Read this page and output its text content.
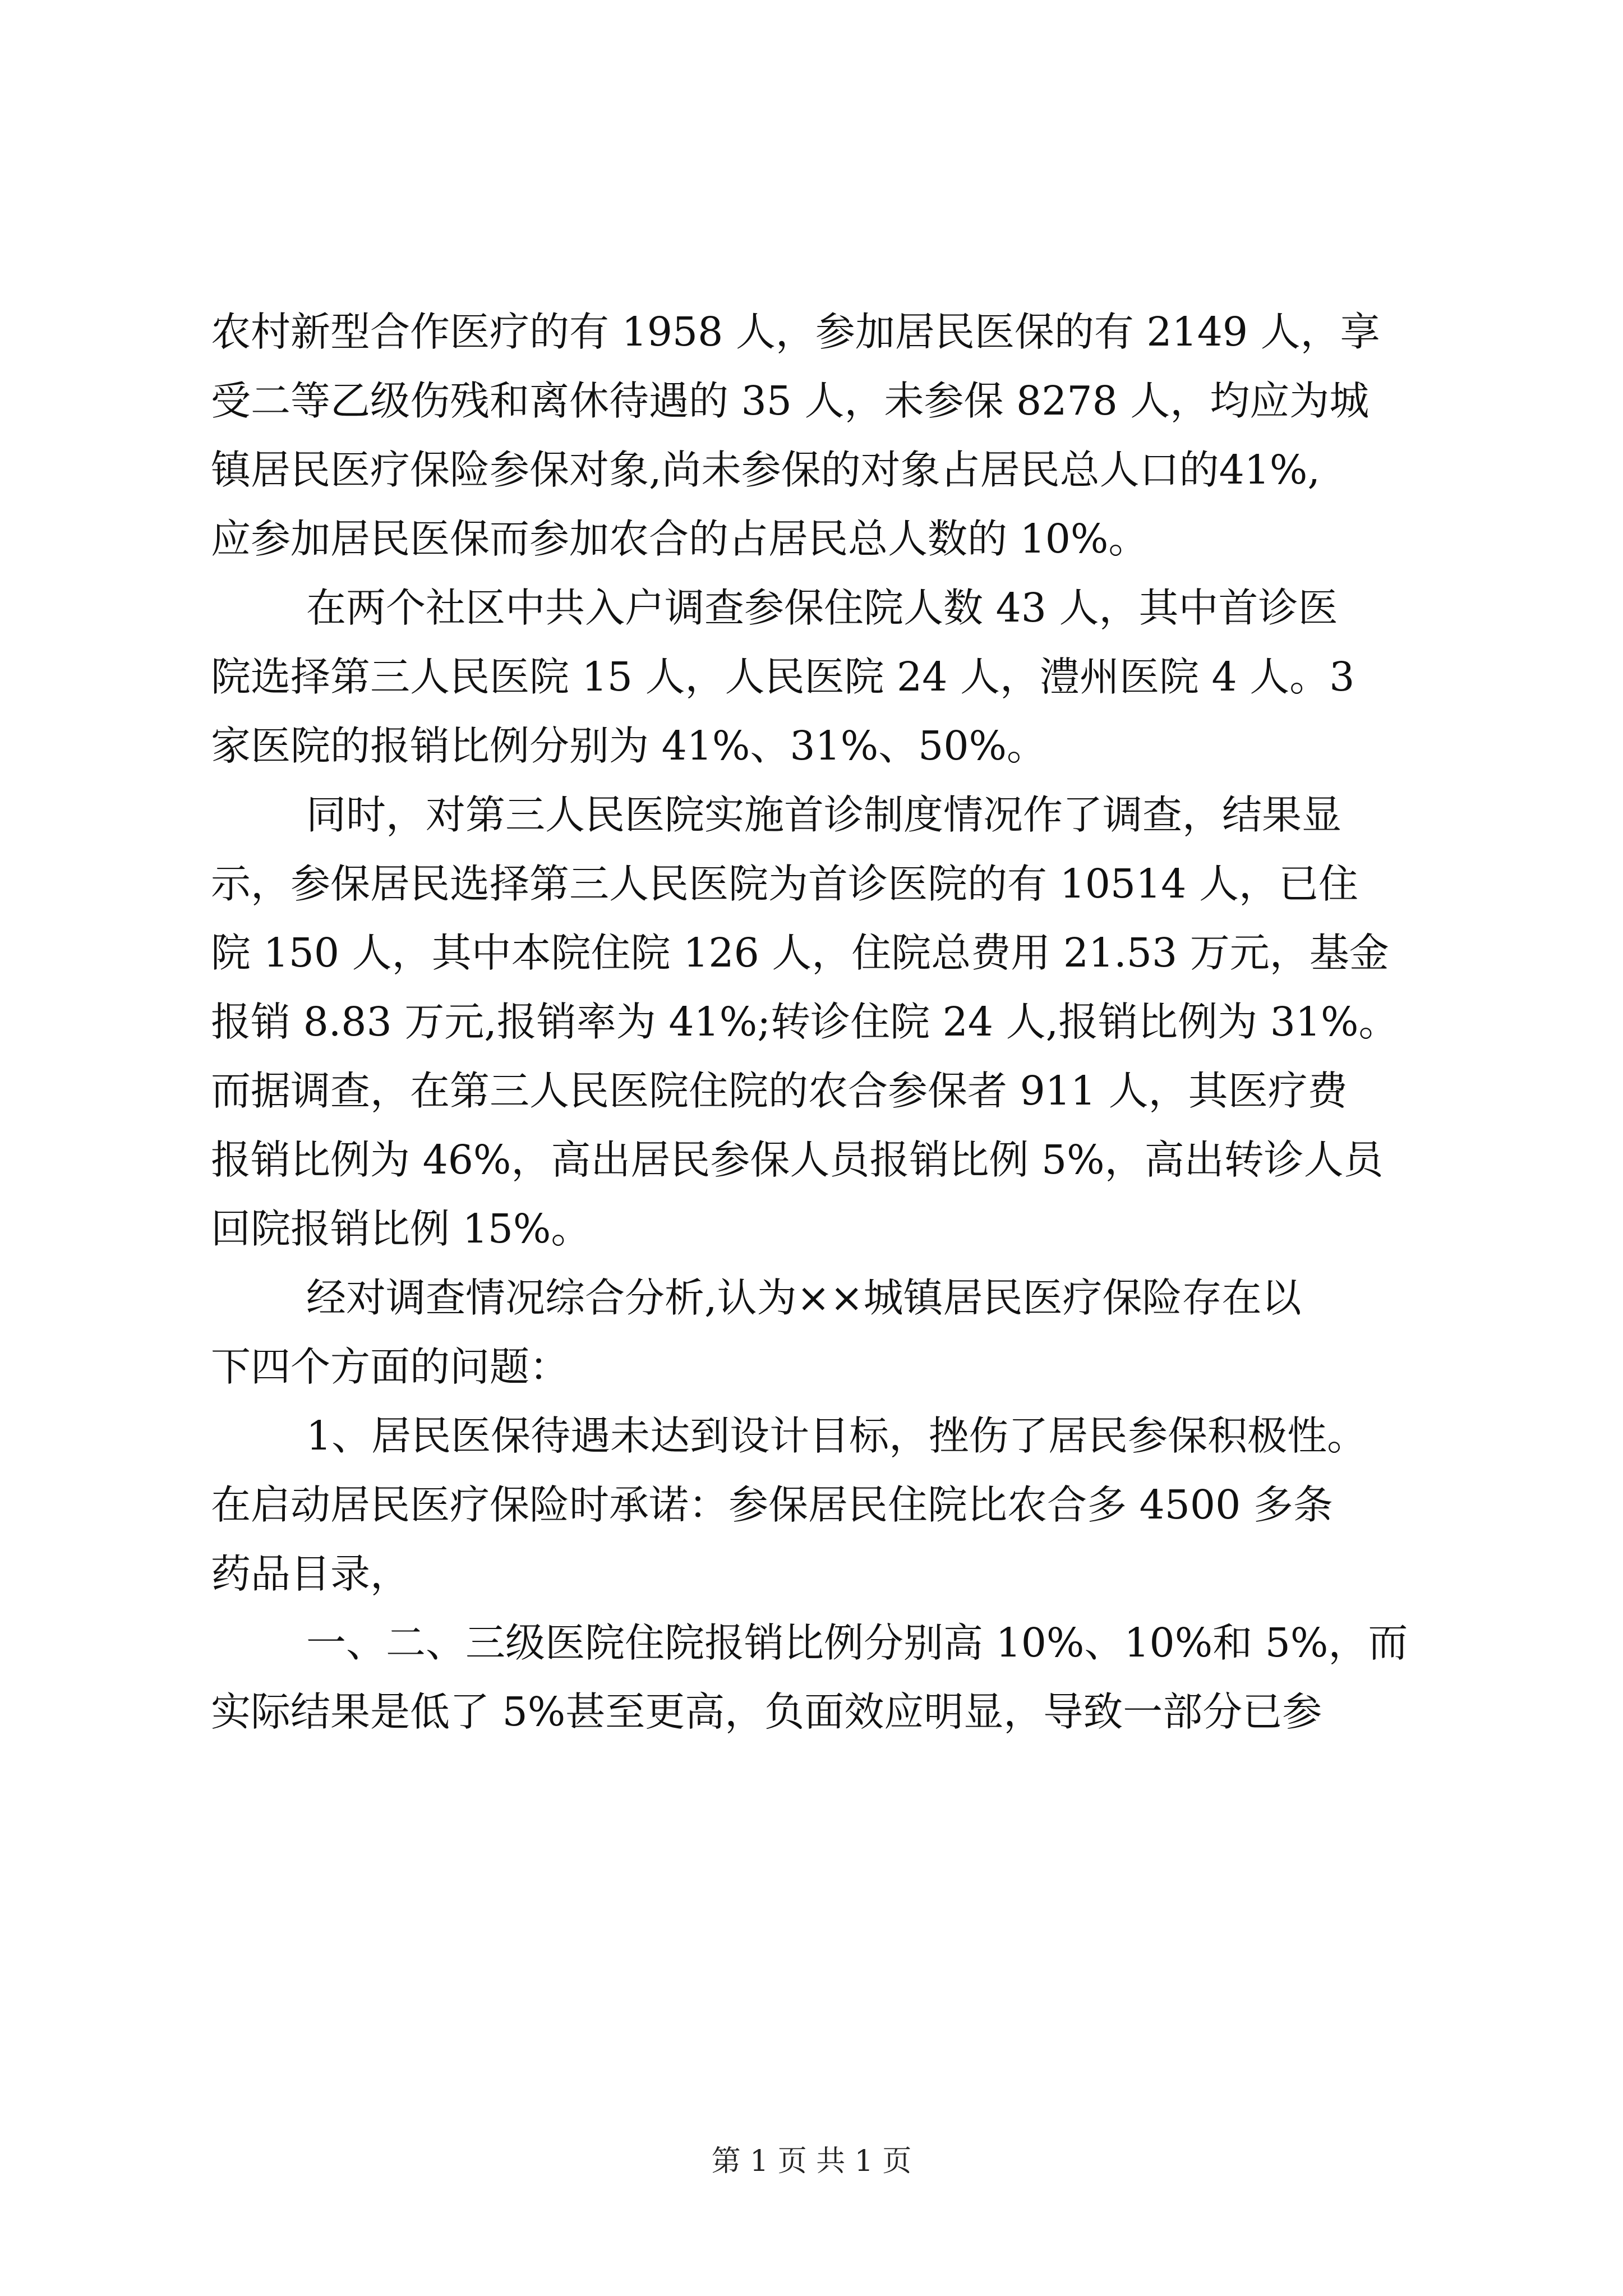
农村新型合作医疗的有 1958 人，参加居民医保的有 2149 人，享
受二等乙级伤残和离休待遇的 35 人，未参保 8278 人，均应为城
镇居民医疗保险参保对象,尚未参保的对象占居民总人口的41%,
应参加居民医保而参加农合的占居民总人数的 10%。
在两个社区中共入户调查参保住院人数 43 人，其中首诊医
院选择第三人民医院 15 人，人民医院 24 人，澧州医院 4 人。3
家医院的报销比例分别为 41%、31%、50%。
同时，对第三人民医院实施首诊制度情况作了调查，结果显
示，参保居民选择第三人民医院为首诊医院的有 10514 人，已住
院 150 人，其中本院住院 126 人，住院总费用 21.53 万元，基金
报销 8.83 万元,报销率为 41%;转诊住院 24 人,报销比例为 31%。
而据调查，在第三人民医院住院的农合参保者 911 人，其医疗费
报销比例为 46%，高出居民参保人员报销比例 5%，高出转诊人员
回院报销比例 15%。
经对调查情况综合分析,认为××城镇居民医疗保险存在以
下四个方面的问题：
1、居民医保待遇未达到设计目标，挫伤了居民参保积极性。
在启动居民医疗保险时承诺：参保居民住院比农合多 4500 多条
药品目录，
一、二、三级医院住院报销比例分别高 10%、10%和 5%，而
实际结果是低了 5%甚至更高，负面效应明显，导致一部分已参
第 1 页 共 1 页
